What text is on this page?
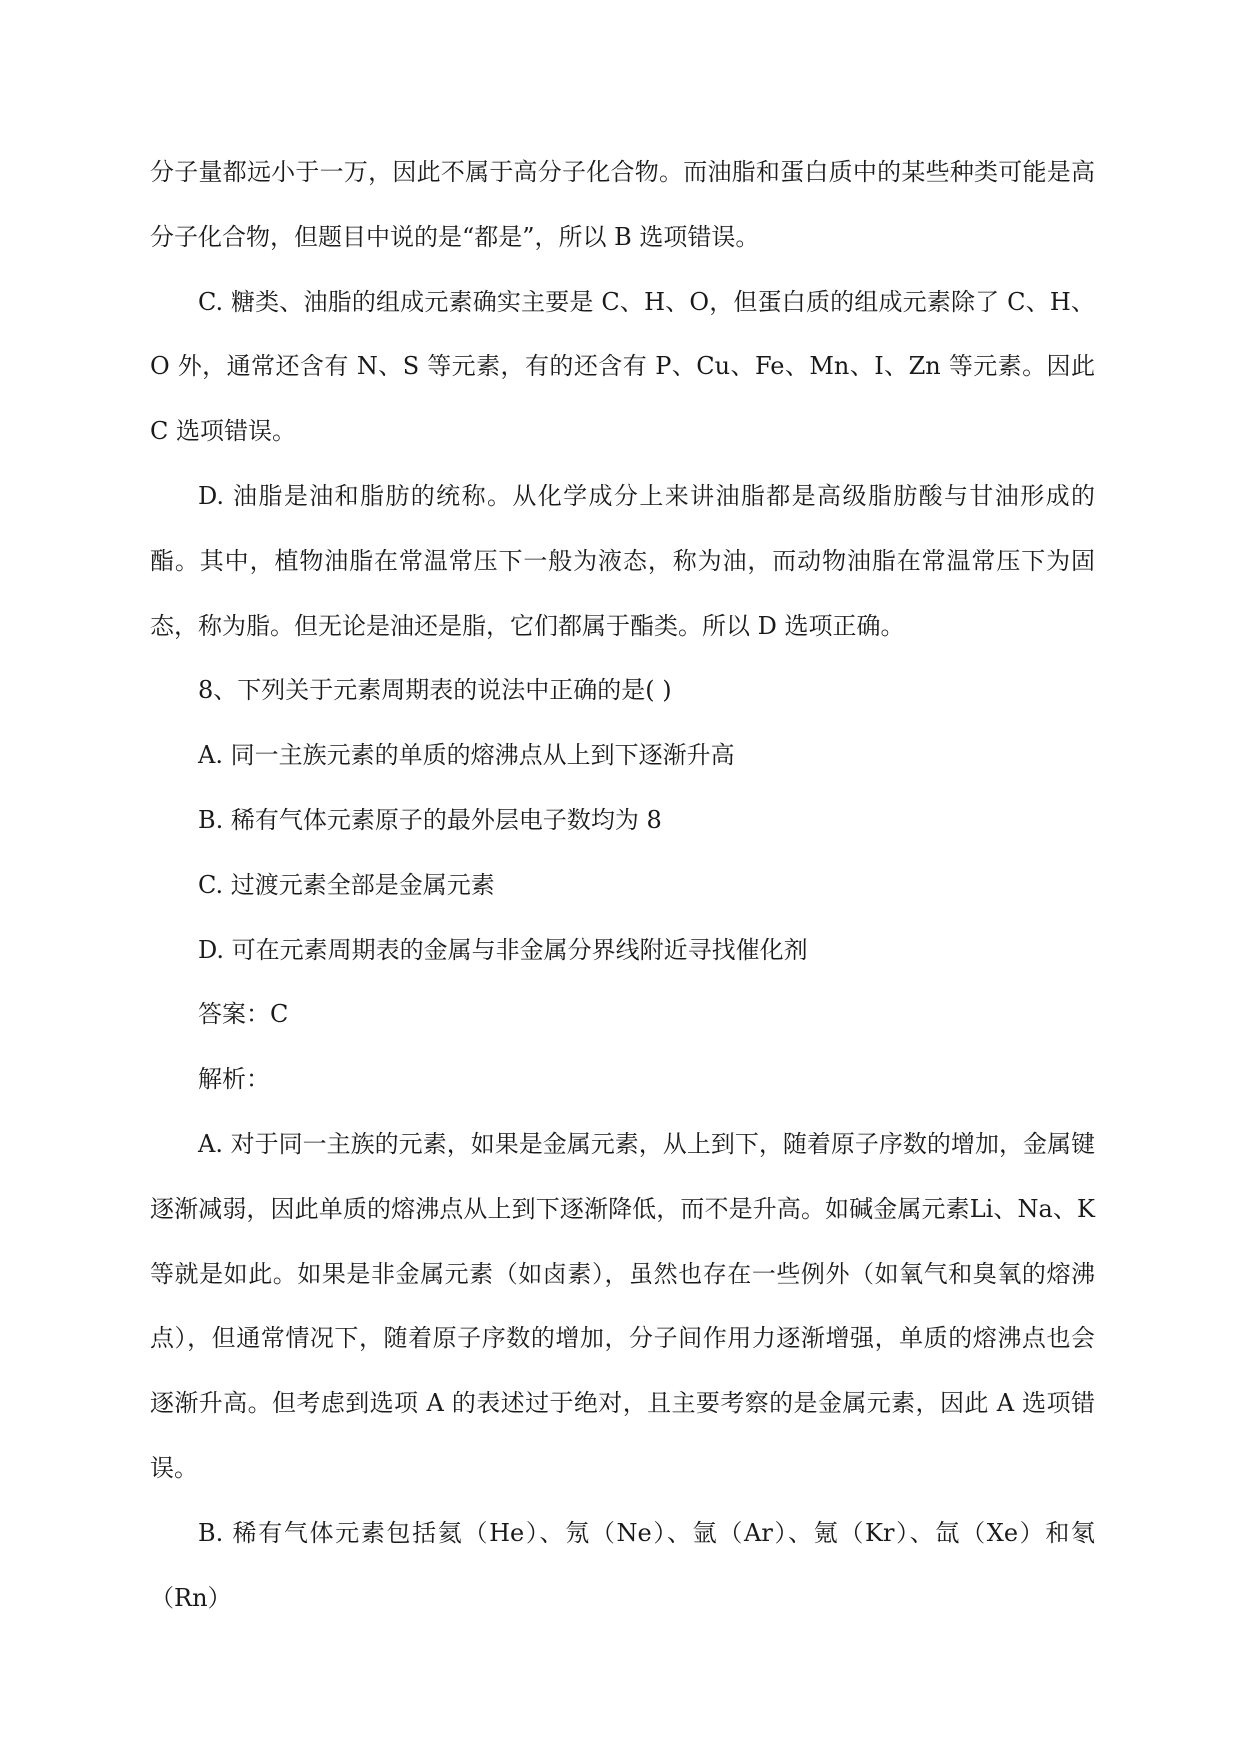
分子量都远小于一万，因此不属于高分子化合物。而油脂和蛋白质中的某些种类可能是高分子化合物，但题目中说的是“都是”，所以 B 选项错误。

C. 糖类、油脂的组成元素确实主要是 C、H、O，但蛋白质的组成元素除了 C、H、O 外，通常还含有 N、S 等元素，有的还含有 P、Cu、Fe、Mn、I、Zn 等元素。因此 C 选项错误。

D. 油脂是油和脂肪的统称。从化学成分上来讲油脂都是高级脂肪酸与甘油形成的酯。其中，植物油脂在常温常压下一般为液态，称为油，而动物油脂在常温常压下为固态，称为脂。但无论是油还是脂，它们都属于酯类。所以 D 选项正确。

8、下列关于元素周期表的说法中正确的是( )

A. 同一主族元素的单质的熔沸点从上到下逐渐升高

B. 稀有气体元素原子的最外层电子数均为 8

C. 过渡元素全部是金属元素

D. 可在元素周期表的金属与非金属分界线附近寻找催化剂

答案：C

解析：

A. 对于同一主族的元素，如果是金属元素，从上到下，随着原子序数的增加，金属键逐渐减弱，因此单质的熔沸点从上到下逐渐降低，而不是升高。如碱金属元素Li、Na、K等就是如此。如果是非金属元素（如卤素），虽然也存在一些例外（如氧气和臭氧的熔沸点），但通常情况下，随着原子序数的增加，分子间作用力逐渐增强，单质的熔沸点也会逐渐升高。但考虑到选项 A 的表述过于绝对，且主要考察的是金属元素，因此 A 选项错误。

B. 稀有气体元素包括氦（He）、氖（Ne）、氩（Ar）、氪（Kr）、氙（Xe）和氡（Rn）
